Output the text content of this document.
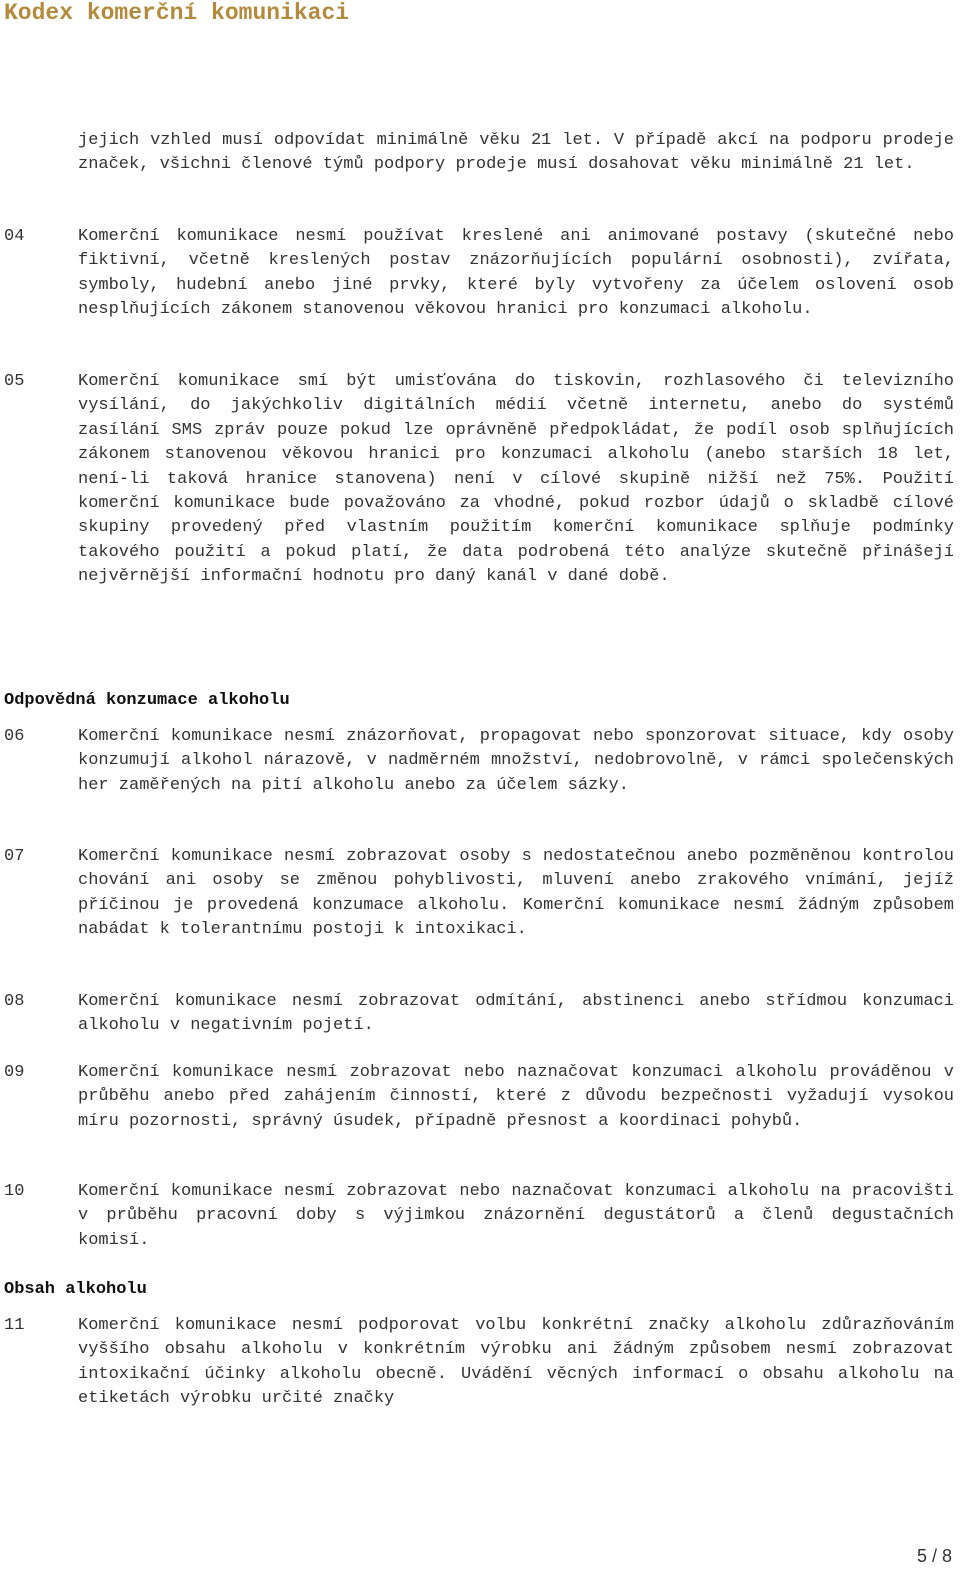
Kodex komerční komunikaci
jejich vzhled musí odpovídat minimálně věku 21 let. V případě akcí na podporu prodeje značek, všichni členové týmů podpory prodeje musí dosahovat věku minimálně 21 let.
04	Komerční komunikace nesmí používat kreslené ani animované postavy (skutečné nebo fiktivní, včetně kreslených postav znázorňujících populární osobnosti), zvířata, symboly, hudební anebo jiné prvky, které byly vytvořeny za účelem oslovení osob nesplňujících zákonem stanovenou věkovou hranici pro konzumaci alkoholu.
05	Komerční komunikace smí být umisťována do tiskovin, rozhlasového či televizního vysílání, do jakýchkoliv digitálních médií včetně internetu, anebo do systémů zasílání SMS zpráv pouze pokud lze oprávněně předpokládat, že podíl osob splňujících zákonem stanovenou věkovou hranici pro konzumaci alkoholu (anebo starších 18 let, není-li taková hranice stanovena) není v cílové skupině nižší než 75%. Použití komerční komunikace bude považováno za vhodné, pokud rozbor údajů o skladbě cílové skupiny provedený před vlastním použitím komerční komunikace splňuje podmínky takového použití a pokud platí, že data podrobená této analýze skutečně přinášejí nejvěrnější informační hodnotu pro daný kanál v dané době.
Odpovědná konzumace alkoholu
06	Komerční komunikace nesmí znázorňovat, propagovat nebo sponzorovat situace, kdy osoby konzumují alkohol nárazově, v nadměrném množství, nedobrovolně, v rámci společenských her zaměřených na pití alkoholu anebo za účelem sázky.
07	Komerční komunikace nesmí zobrazovat osoby s nedostatečnou anebo pozměněnou kontrolou chování ani osoby se změnou pohyblivosti, mluvení anebo zrakového vnímání, jejíž příčinou je provedená konzumace alkoholu. Komerční komunikace nesmí žádným způsobem nabádat k tolerantnímu postoji k intoxikaci.
08	Komerční komunikace nesmí zobrazovat odmítání, abstinenci anebo střídmou konzumaci alkoholu v negativním pojetí.
09	Komerční komunikace nesmí zobrazovat nebo naznačovat konzumaci alkoholu prováděnou v průběhu anebo před zahájením činností, které z důvodu bezpečnosti vyžadují vysokou míru pozornosti, správný úsudek, případně přesnost a koordinaci pohybů.
10	Komerční komunikace nesmí zobrazovat nebo naznačovat konzumaci alkoholu na pracovišti v průběhu pracovní doby s výjimkou znázornění degustátorů a členů degustačních komisí.
Obsah alkoholu
11	Komerční komunikace nesmí podporovat volbu konkrétní značky alkoholu zdůrazňováním vyššího obsahu alkoholu v konkrétním výrobku ani žádným způsobem nesmí zobrazovat intoxikační účinky alkoholu obecně. Uvádění věcných informací o obsahu alkoholu na etiketách výrobku určité značky
5 / 8
